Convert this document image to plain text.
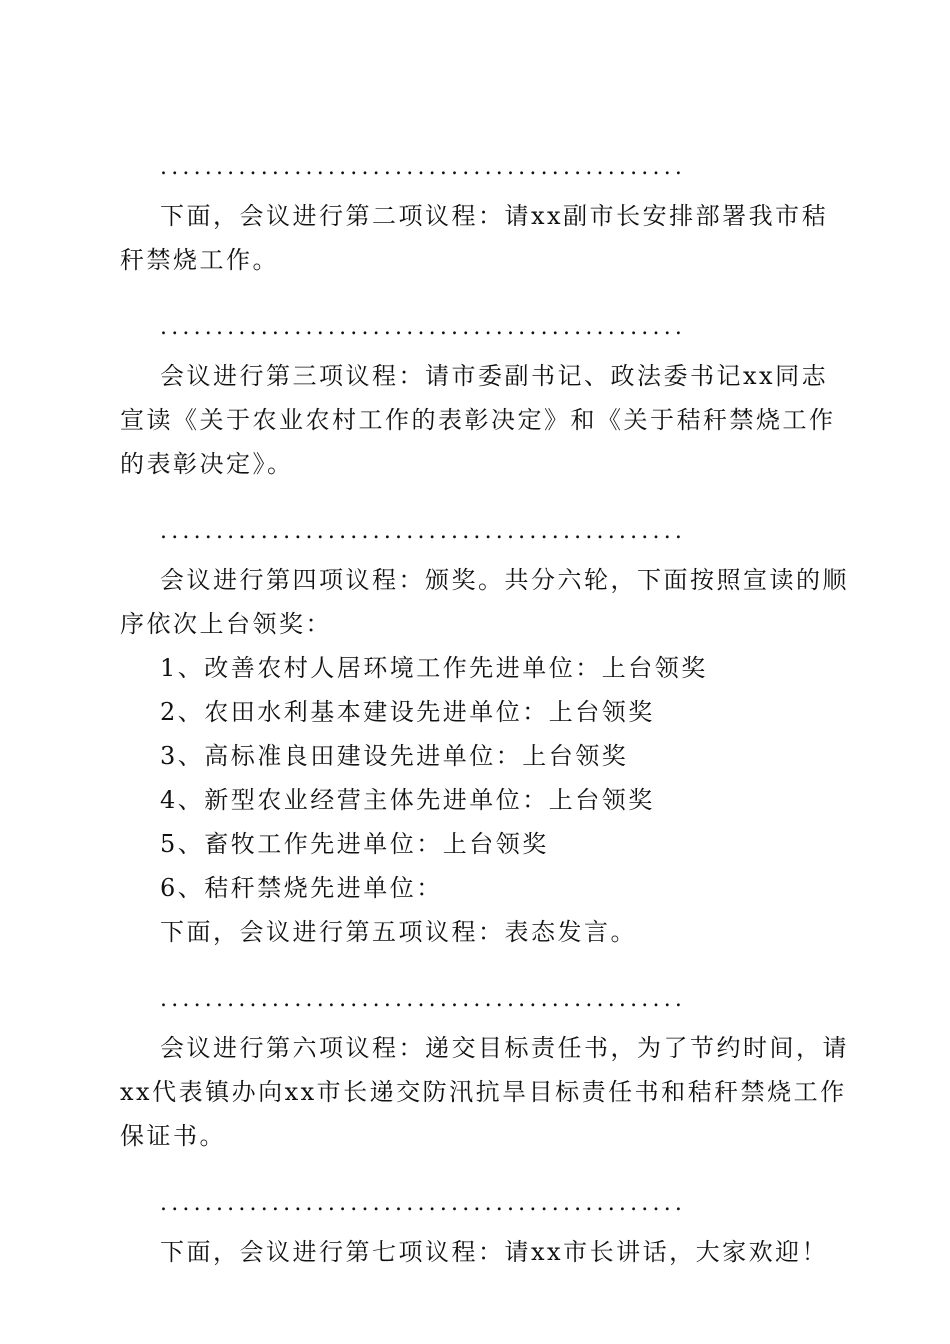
...............................................
下面，会议进行第二项议程：请xx副市长安排部署我市秸
秆禁烧工作。
...............................................
会议进行第三项议程：请市委副书记、政法委书记xx同志
宣读《关于农业农村工作的表彰决定》和《关于秸秆禁烧工作
的表彰决定》。
...............................................
会议进行第四项议程：颁奖。共分六轮，下面按照宣读的顺
序依次上台领奖：
1、改善农村人居环境工作先进单位：上台领奖
2、农田水利基本建设先进单位：上台领奖
3、高标准良田建设先进单位：上台领奖
4、新型农业经营主体先进单位：上台领奖
5、畜牧工作先进单位：上台领奖
6、秸秆禁烧先进单位：
下面，会议进行第五项议程：表态发言。
...............................................
会议进行第六项议程：递交目标责任书，为了节约时间，请
xx代表镇办向xx市长递交防汛抗旱目标责任书和秸秆禁烧工作
保证书。
...............................................
下面，会议进行第七项议程：请xx市长讲话，大家欢迎！
